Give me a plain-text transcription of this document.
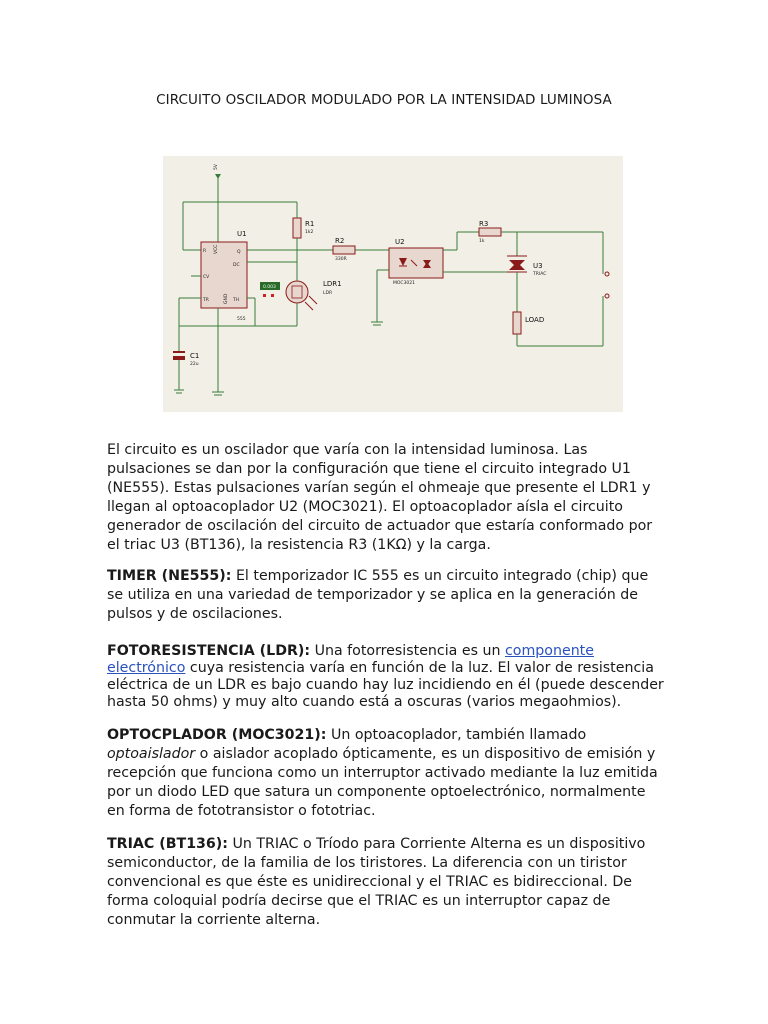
CIRCUITO OSCILADOR MODULADO POR LA INTENSIDAD LUMINOSA
5V
U1
555
R VCC
DC
Q
CV
GND
TR	TH
R1
1k2
LDR1
LDR
0.003
C1
22u
R2
330R
U2
MOC3021
R3
1k
U3
TRIAC
LOAD
El circuito es un oscilador que varía con la intensidad luminosa. Las pulsaciones se dan por la configuración que tiene el circuito integrado U1 (NE555). Estas pulsaciones varían según el ohmeaje que presente el LDR1 y llegan al optoacoplador U2 (MOC3021). El optoacoplador aísla el circuito generador de oscilación del circuito de actuador que estaría conformado por el triac U3 (BT136), la resistencia R3 (1KΩ) y la carga.
TIMER (NE555): El temporizador IC 555 es un circuito integrado (chip) que se utiliza en una variedad de temporizador y se aplica en la generación de pulsos y de oscilaciones.
FOTORESISTENCIA (LDR): Una fotorresistencia es un componente electrónico cuya resistencia varía en función de la luz. El valor de resistencia eléctrica de un LDR es bajo cuando hay luz incidiendo en él (puede descender hasta 50 ohms) y muy alto cuando está a oscuras (varios megaohmios).
OPTOCPLADOR (MOC3021): Un optoacoplador, también llamado optoaislador o aislador acoplado ópticamente, es un dispositivo de emisión y recepción que funciona como un interruptor activado mediante la luz emitida por un diodo LED que satura un componente optoelectrónico, normalmente en forma de fototransistor o fototriac.
TRIAC (BT136): Un TRIAC o Tríodo para Corriente Alterna es un dispositivo semiconductor, de la familia de los tiristores. La diferencia con un tiristor convencional es que éste es unidireccional y el TRIAC es bidireccional. De forma coloquial podría decirse que el TRIAC es un interruptor capaz de conmutar la corriente alterna.
